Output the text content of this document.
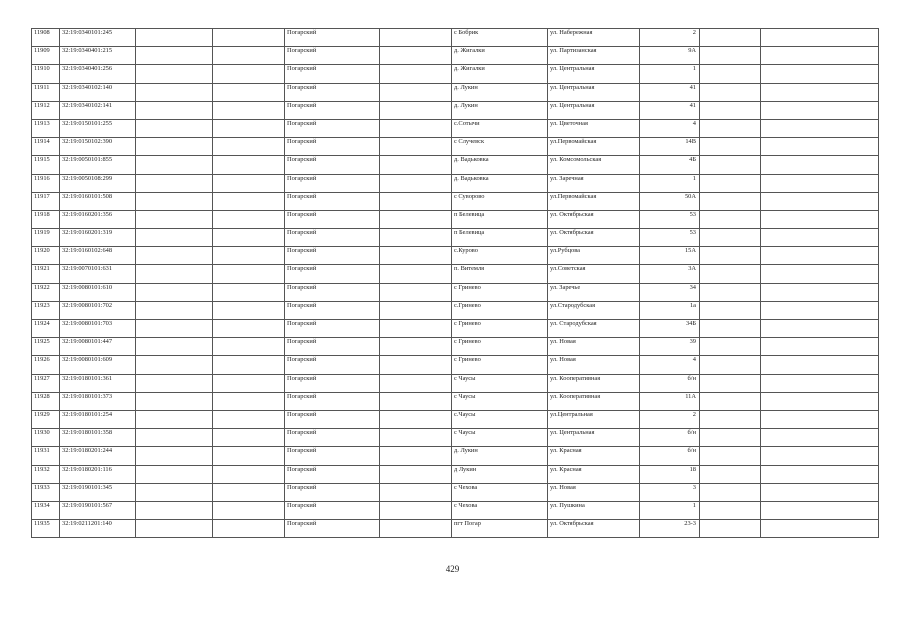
11908	32:19:0340101:245			Погарский		с Бобрик	ул. Набережная	2		
11909	32:19:0340401:215			Погарский		д. Жигалки	ул. Партизанская	9А		
11910	32:19:0340401:256			Погарский		д. Жигалки	ул. Центральная	1		
11911	32:19:0340102:140			Погарский		д. Лукин	ул. Центральная	41		
11912	32:19:0340102:141			Погарский		д. Лукин	ул. Центральная	41		
11913	32:19:0150101:255			Погарский		с.Сотычи	ул. Цветочная	4		
11914	32:19:0150102:390			Погарский		с Случевск	ул.Первомайская	14В		
11915	32:19:0050101:855			Погарский		д. Вадьковка	ул. Комсомольская	4Б		
11916	32:19:0050108:299			Погарский		д. Вадьковка	ул. Заречная	1		
11917	32:19:0160101:508			Погарский		с Суворово	ул.Первомайская	50А		
11918	32:19:0160201:356			Погарский		п Белевица	ул. Октябрьская	53		
11919	32:19:0160201:319			Погарский		п Белевица	ул. Октябрьская	53		
11920	32:19:0160102:648			Погарский		с.Курово	ул.Рубцова	15А		
11921	32:19:0070101:631			Погарский		п. Витемля	ул.Советская	3А		
11922	32:19:0080101:610			Погарский		с Гринево	ул. Заречье	34		
11923	32:19:0080101:702			Погарский		с.Гринево	ул.Стародубская	1а		
11924	32:19:0080101:703			Погарский		с Гринево	ул. Стародубская	34Б		
11925	32:19:0080101:447			Погарский		с Гринево	ул. Новая	39		
11926	32:19:0080101:609			Погарский		с Гринево	ул. Новая	4		
11927	32:19:0180101:361			Погарский		с Чаусы	ул. Кооперативная	б/н		
11928	32:19:0180101:373			Погарский		с Чаусы	ул. Кооперативная	11А		
11929	32:19:0180101:254			Погарский		с.Чаусы	ул.Центральная	2		
11930	32:19:0180101:358			Погарский		с Чаусы	ул. Центральная	б/н		
11931	32:19:0180201:244			Погарский		д. Лукин	ул. Красная	б/н		
11932	32:19:0180201:116			Погарский		д Лукин	ул. Красная	18		
11933	32:19:0190101:345			Погарский		с Чехова	ул. Новая	3		
11934	32:19:0190101:567			Погарский		с Чехова	ул. Пушкина	1		
11935	32:19:0211201:140			Погарский		пгт Погар	ул. Октябрьская	23-3		
429
